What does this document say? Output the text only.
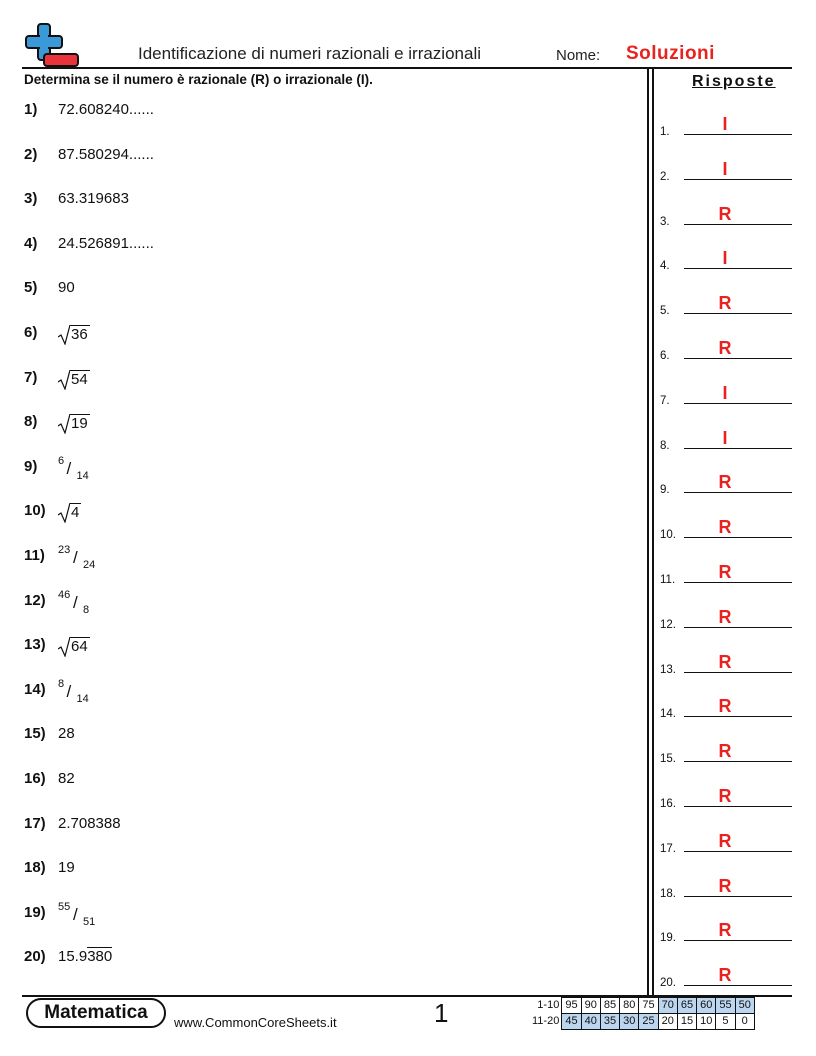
Identificazione di numeri razionali e irrazionali	Nome: Soluzioni
Determina se il numero è razionale (R) o irrazionale (I).	Risposte
1) 72.608240......
2) 87.580294......
3) 63.319683
4) 24.526891......
5) 90
6) 36
7) 54
8) 19
9) 6 / 14
10) 4
11) 23 / 24
12) 46 / 8
13) 64
14) 8 / 14
15) 28
16) 82
17) 2.708388
18) 19
19) 55 / 51
20) 15.9380
1.	I
2.	I
3.	R
4.	I
5.	R
6.	R
7.	I
8.	I
9.	R
10.	R
11.	R
12.	R
13.	R
14.	R
15.	R
16.	R
17.	R
18.	R
19.	R
20.	R
Matematica	www.CommonCoreSheets.it	1	1-10	95	90	85	80	75	70	65	60	55	50
11-20	45	40	35	30	25	20	15	10	5	0
